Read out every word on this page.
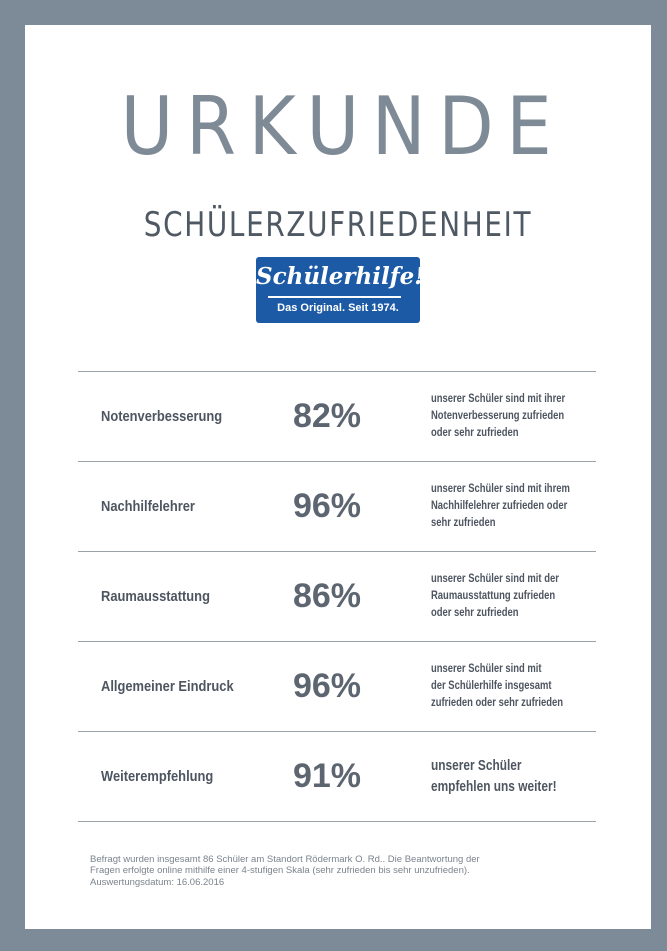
URKUNDE
SCHÜLERZUFRIEDENHEIT
Schülerhilfe!®
Das Original. Seit 1974.
Notenverbesserung	82%	unserer Schüler sind mit ihrer
Notenverbesserung zufrieden
oder sehr zufrieden
Nachhilfelehrer	96%	unserer Schüler sind mit ihrem
Nachhilfelehrer zufrieden oder
sehr zufrieden
Raumausstattung	86%	unserer Schüler sind mit der
Raumausstattung zufrieden
oder sehr zufrieden
Allgemeiner Eindruck	96%	unserer Schüler sind mit
der Schülerhilfe insgesamt
zufrieden oder sehr zufrieden
Weiterempfehlung	91%	unserer Schüler
empfehlen uns weiter!
Befragt wurden insgesamt 86 Schüler am Standort Rödermark O. Rd.. Die Beantwortung der
Fragen erfolgte online mithilfe einer 4-stufigen Skala (sehr zufrieden bis sehr unzufrieden).
Auswertungsdatum: 16.06.2016
